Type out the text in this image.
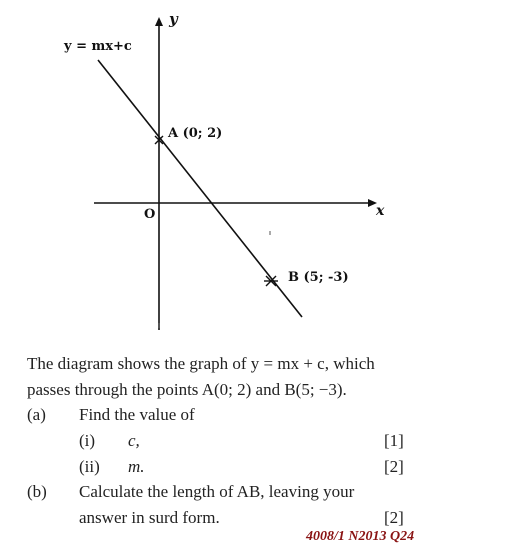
y
x
O
y = mx+c
A (0; 2)
B (5; -3)
The diagram shows the graph of y = mx + c, which
passes through the points A(0; 2) and B(5; −3).
(a) Find the value of
(i) c,	[1]
(ii) m.	[2]
(b) Calculate the length of AB, leaving your
answer in surd form.	[2]
4008/1 N2013 Q24
